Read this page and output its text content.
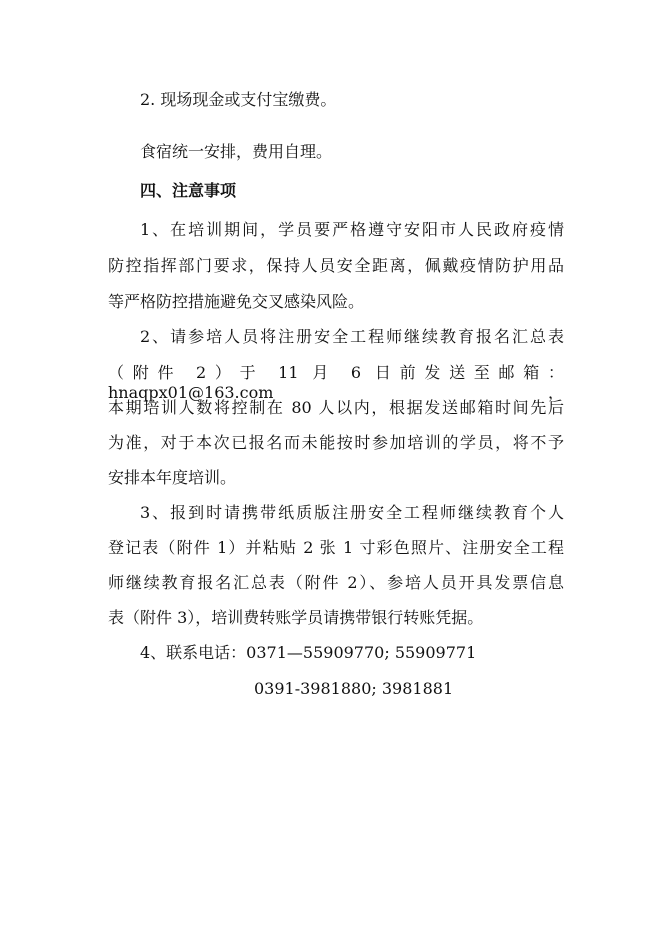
2. 现场现金或支付宝缴费。
食宿统一安排，费用自理。
四、注意事项
1、在培训期间，学员要严格遵守安阳市人民政府疫情
防控指挥部门要求，保持人员安全距离，佩戴疫情防护用品
等严格防控措施避免交叉感染风险。
2、请参培人员将注册安全工程师继续教育报名汇总表
（附件 2）于 11 月 6 日前发送至邮箱： hnaqpx01@163.com，
本期培训人数将控制在 80 人以内，根据发送邮箱时间先后
为准，对于本次已报名而未能按时参加培训的学员，将不予
安排本年度培训。
3、报到时请携带纸质版注册安全工程师继续教育个人
登记表（附件 1）并粘贴 2 张 1 寸彩色照片、注册安全工程
师继续教育报名汇总表（附件 2）、参培人员开具发票信息
表（附件 3），培训费转账学员请携带银行转账凭据。
4、联系电话：0371—55909770; 55909771
0391-3981880; 3981881
